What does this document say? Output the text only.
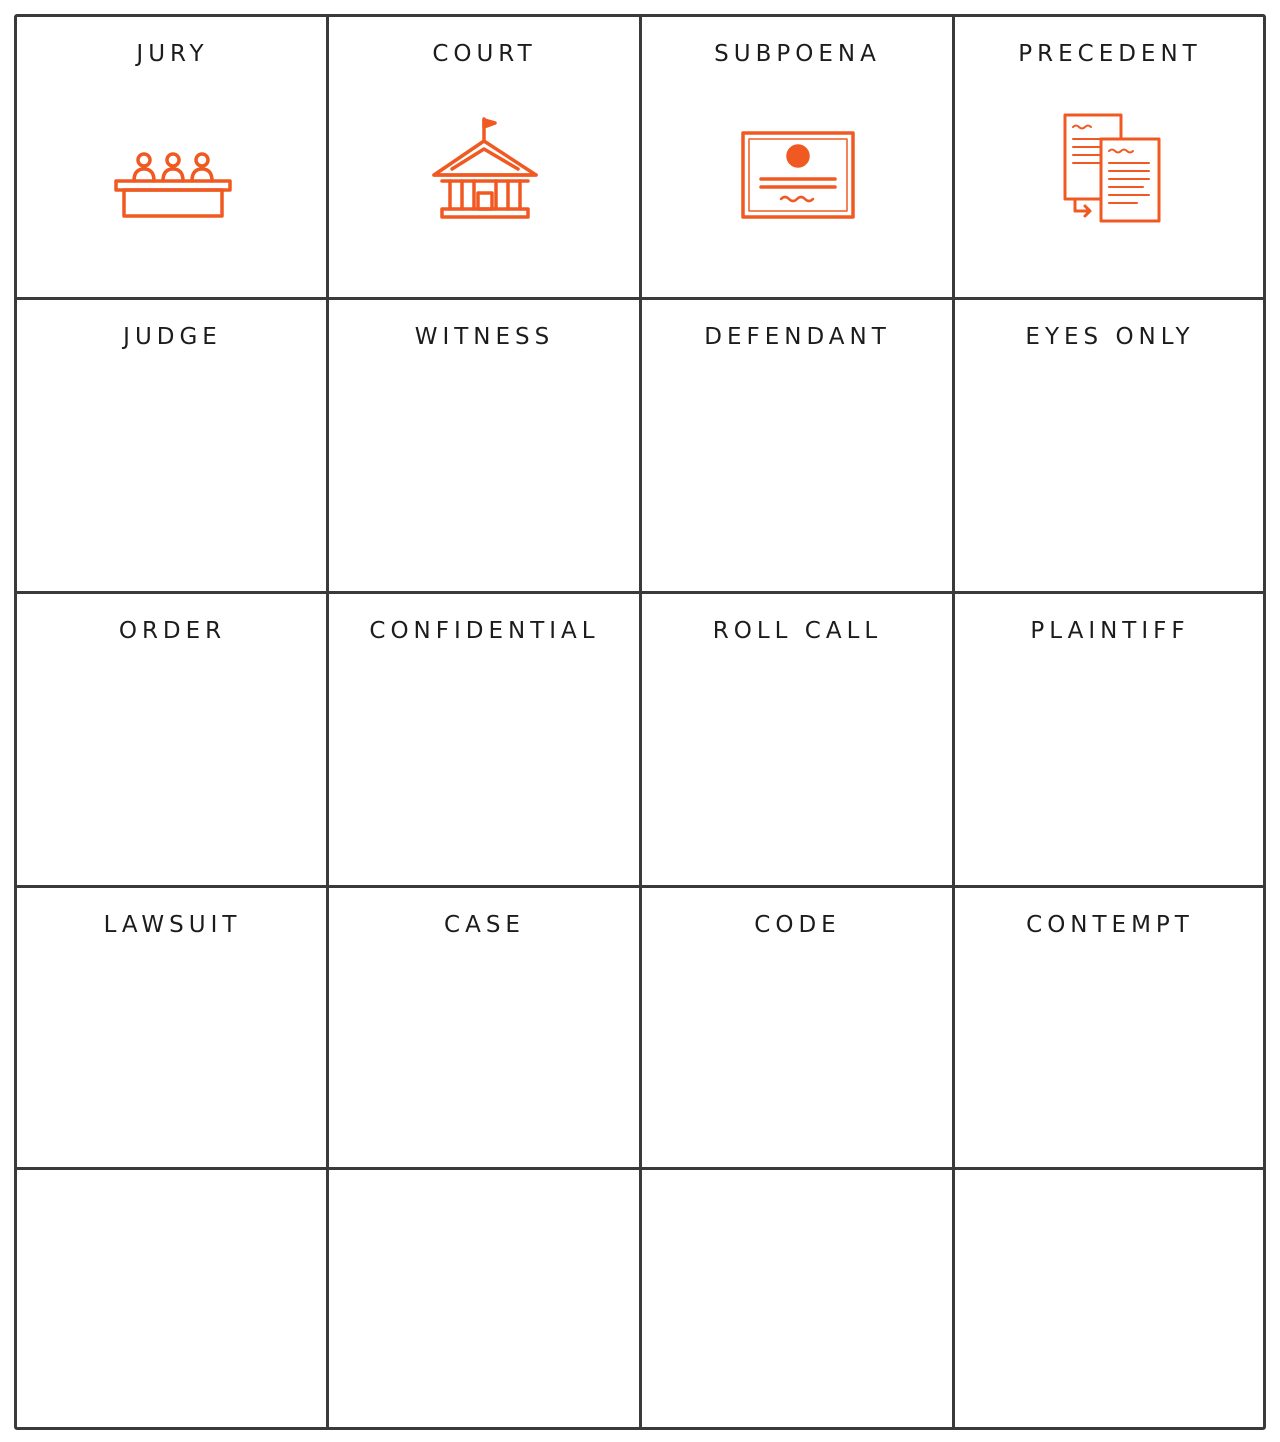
JURY	COURT	SUBPOENA	PRECEDENT
JUDGE	WITNESS	DEFENDANT	EYES ONLY
ORDER	CONFIDENTIAL	ROLL CALL	PLAINTIFF
LAWSUIT	CASE	CODE	CONTEMPT
